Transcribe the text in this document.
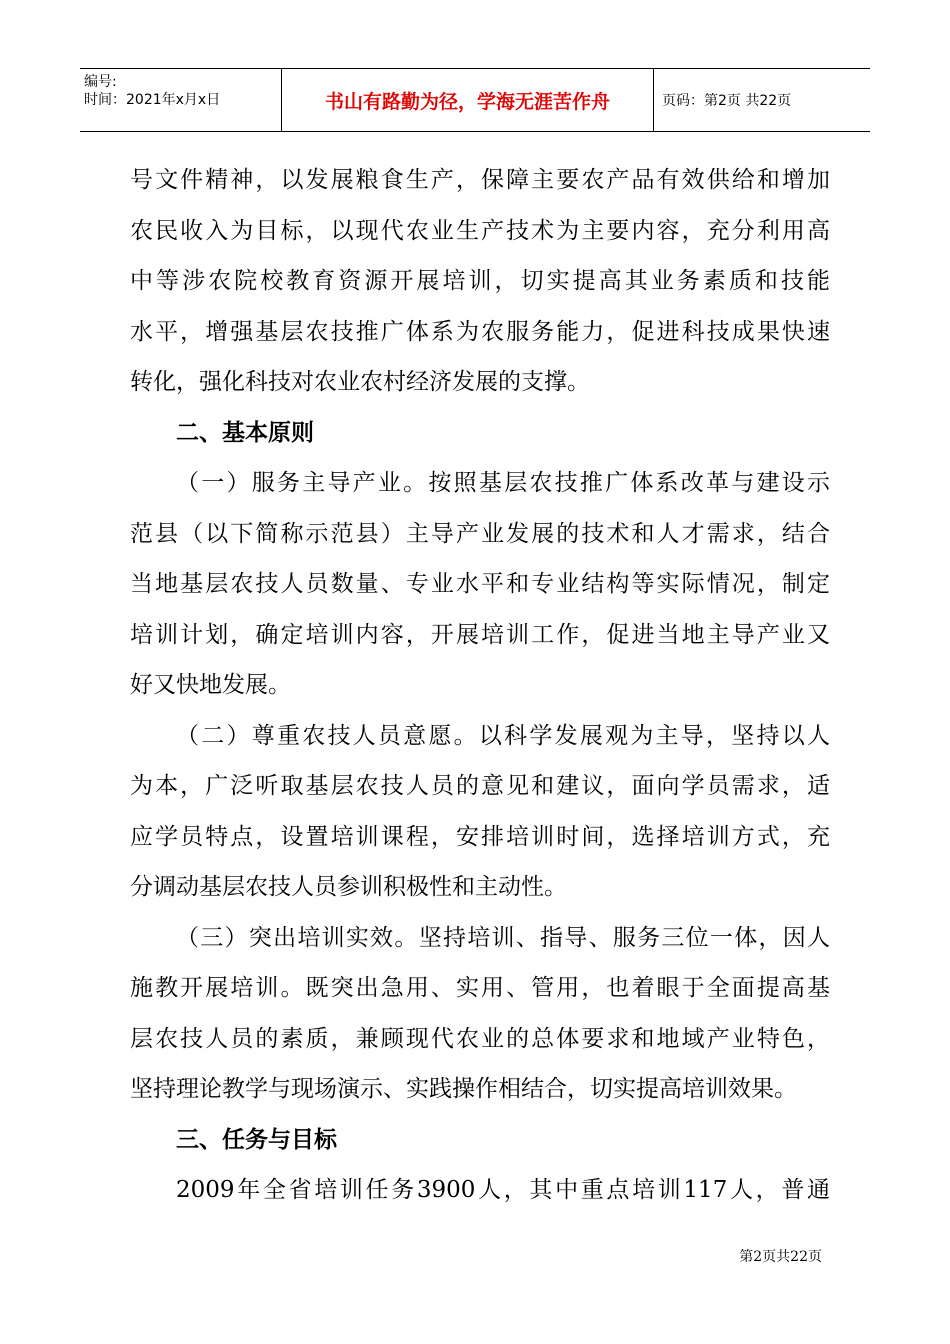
编号:
时间：2021年x月x日	书山有路勤为径，学海无涯苦作舟	页码：第2页 共22页
号文件精神，以发展粮食生产，保障主要农产品有效供给和增加
农民收入为目标，以现代农业生产技术为主要内容，充分利用高
中等涉农院校教育资源开展培训，切实提高其业务素质和技能
水平，增强基层农技推广体系为农服务能力，促进科技成果快速
转化，强化科技对农业农村经济发展的支撑。
二、基本原则
（一）服务主导产业。按照基层农技推广体系改革与建设示
范县（以下简称示范县）主导产业发展的技术和人才需求，结合
当地基层农技人员数量、专业水平和专业结构等实际情况，制定
培训计划，确定培训内容，开展培训工作，促进当地主导产业又
好又快地发展。
（二）尊重农技人员意愿。以科学发展观为主导，坚持以人
为本，广泛听取基层农技人员的意见和建议，面向学员需求，适
应学员特点，设置培训课程，安排培训时间，选择培训方式，充
分调动基层农技人员参训积极性和主动性。
（三）突出培训实效。坚持培训、指导、服务三位一体，因人
施教开展培训。既突出急用、实用、管用，也着眼于全面提高基
层农技人员的素质，兼顾现代农业的总体要求和地域产业特色，
坚持理论教学与现场演示、实践操作相结合，切实提高培训效果。
三、任务与目标
2009年全省培训任务3900人，其中重点培训117人，普通
第2页共22页
